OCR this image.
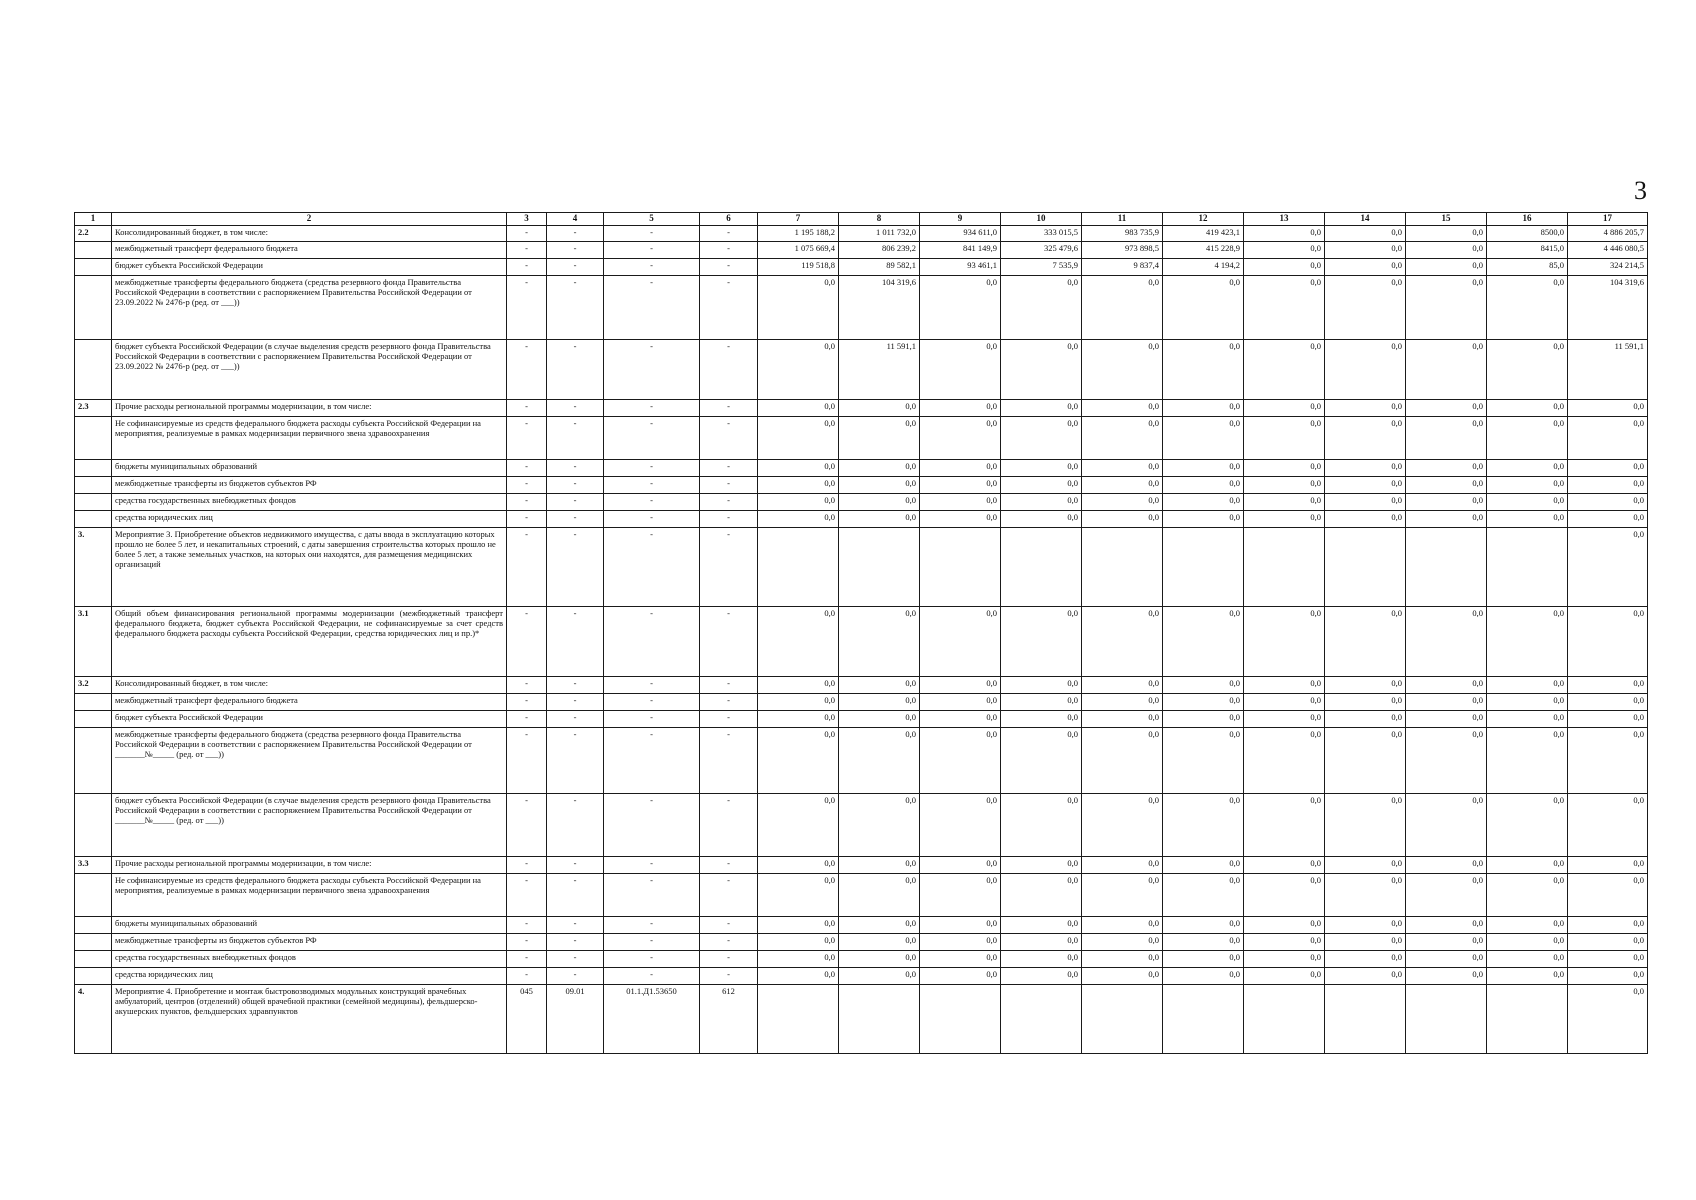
3
1	2	3	4	5	6	7	8	9	10	11	12	13	14	15	16	17
2.2	Консолидированный бюджет, в том числе:	-	-	-	-	1 195 188,2	1 011 732,0	934 611,0	333 015,5	983 735,9	419 423,1	0,0	0,0	0,0	8500,0	4 886 205,7
	межбюджетный трансферт федерального бюджета	-	-	-	-	1 075 669,4	806 239,2	841 149,9	325 479,6	973 898,5	415 228,9	0,0	0,0	0,0	8415,0	4 446 080,5
	бюджет субъекта Российской Федерации	-	-	-	-	119 518,8	89 582,1	93 461,1	7 535,9	9 837,4	4 194,2	0,0	0,0	0,0	85,0	324 214,5
	межбюджетные трансферты федерального бюджета (средства резервного фонда Правительства Российской Федерации в соответствии с распоряжением Правительства Российской Федерации от 23.09.2022 № 2476-р (ред. от ___))	-	-	-	-	0,0	104 319,6	0,0	0,0	0,0	0,0	0,0	0,0	0,0	0,0	104 319,6
	бюджет субъекта Российской Федерации (в случае выделения средств резервного фонда Правительства Российской Федерации в соответствии с распоряжением Правительства Российской Федерации от 23.09.2022 № 2476-р (ред. от ___))	-	-	-	-	0,0	11 591,1	0,0	0,0	0,0	0,0	0,0	0,0	0,0	0,0	11 591,1
2.3	Прочие расходы региональной программы модернизации, в том числе:	-	-	-	-	0,0	0,0	0,0	0,0	0,0	0,0	0,0	0,0	0,0	0,0	0,0
	Не софинансируемые из средств федерального бюджета расходы субъекта Российской Федерации на мероприятия, реализуемые в рамках модернизации первичного звена здравоохранения	-	-	-	-	0,0	0,0	0,0	0,0	0,0	0,0	0,0	0,0	0,0	0,0	0,0
	бюджеты муниципальных образований	-	-	-	-	0,0	0,0	0,0	0,0	0,0	0,0	0,0	0,0	0,0	0,0	0,0
	межбюджетные трансферты из бюджетов субъектов РФ	-	-	-	-	0,0	0,0	0,0	0,0	0,0	0,0	0,0	0,0	0,0	0,0	0,0
	средства государственных внебюджетных фондов	-	-	-	-	0,0	0,0	0,0	0,0	0,0	0,0	0,0	0,0	0,0	0,0	0,0
	средства юридических лиц	-	-	-	-	0,0	0,0	0,0	0,0	0,0	0,0	0,0	0,0	0,0	0,0	0,0
3.	Мероприятие 3. Приобретение объектов недвижимого имущества, с даты ввода в эксплуатацию которых прошло не более 5 лет, и некапитальных строений, с даты завершения строительства которых прошло не более 5 лет, а также земельных участков, на которых они находятся, для размещения медицинских организаций	-	-	-	-											0,0
3.1	Общий объем финансирования региональной программы модернизации (межбюджетный трансферт федерального бюджета, бюджет субъекта Российской Федерации, не софинансируемые за счет средств федерального бюджета расходы субъекта Российской Федерации, средства юридических лиц и пр.)*	-	-	-	-	0,0	0,0	0,0	0,0	0,0	0,0	0,0	0,0	0,0	0,0	0,0
3.2	Консолидированный бюджет, в том числе:	-	-	-	-	0,0	0,0	0,0	0,0	0,0	0,0	0,0	0,0	0,0	0,0	0,0
	межбюджетный трансферт федерального бюджета	-	-	-	-	0,0	0,0	0,0	0,0	0,0	0,0	0,0	0,0	0,0	0,0	0,0
	бюджет субъекта Российской Федерации	-	-	-	-	0,0	0,0	0,0	0,0	0,0	0,0	0,0	0,0	0,0	0,0	0,0
	межбюджетные трансферты федерального бюджета (средства резервного фонда Правительства Российской Федерации в соответствии с распоряжением Правительства Российской Федерации от _______№_____ (ред. от ___))	-	-	-	-	0,0	0,0	0,0	0,0	0,0	0,0	0,0	0,0	0,0	0,0	0,0
	бюджет субъекта Российской Федерации (в случае выделения средств резервного фонда Правительства Российской Федерации в соответствии с распоряжением Правительства Российской Федерации от _______№_____ (ред. от ___))	-	-	-	-	0,0	0,0	0,0	0,0	0,0	0,0	0,0	0,0	0,0	0,0	0,0
3.3	Прочие расходы региональной программы модернизации, в том числе:	-	-	-	-	0,0	0,0	0,0	0,0	0,0	0,0	0,0	0,0	0,0	0,0	0,0
	Не софинансируемые из средств федерального бюджета расходы субъекта Российской Федерации на мероприятия, реализуемые в рамках модернизации первичного звена здравоохранения	-	-	-	-	0,0	0,0	0,0	0,0	0,0	0,0	0,0	0,0	0,0	0,0	0,0
	бюджеты муниципальных образований	-	-	-	-	0,0	0,0	0,0	0,0	0,0	0,0	0,0	0,0	0,0	0,0	0,0
	межбюджетные трансферты из бюджетов субъектов РФ	-	-	-	-	0,0	0,0	0,0	0,0	0,0	0,0	0,0	0,0	0,0	0,0	0,0
	средства государственных внебюджетных фондов	-	-	-	-	0,0	0,0	0,0	0,0	0,0	0,0	0,0	0,0	0,0	0,0	0,0
	средства юридических лиц	-	-	-	-	0,0	0,0	0,0	0,0	0,0	0,0	0,0	0,0	0,0	0,0	0,0
4.	Мероприятие 4. Приобретение и монтаж быстровозводимых модульных конструкций врачебных амбулаторий, центров (отделений) общей врачебной практики (семейной медицины), фельдшерско-акушерских пунктов, фельдшерских здравпунктов	045	09.01	01.1.Д1.53650	612											0,0
